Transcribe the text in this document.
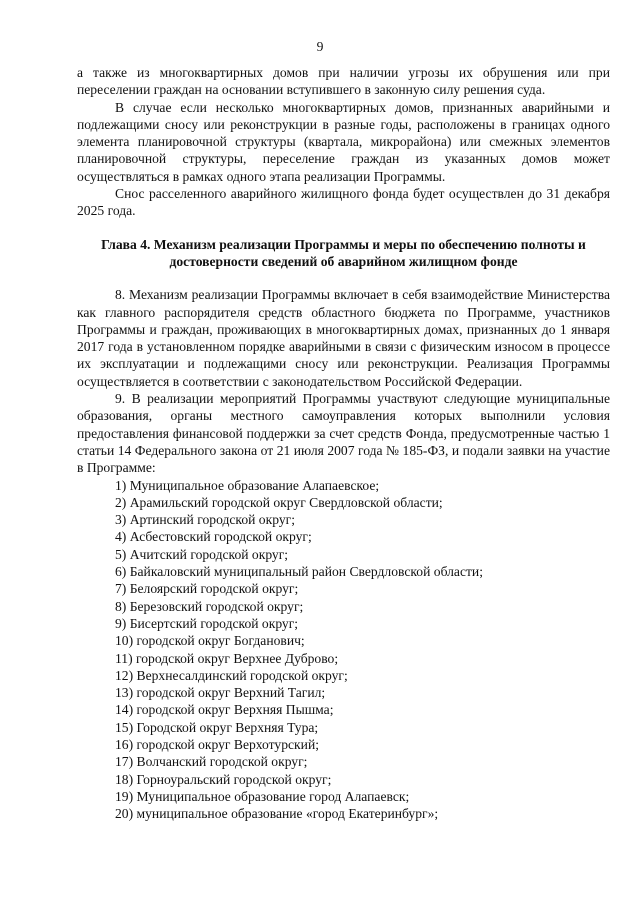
9

а также из многоквартирных домов при наличии угрозы их обрушения или при переселении граждан на основании вступившего в законную силу решения суда.

В случае если несколько многоквартирных домов, признанных аварийными и подлежащими сносу или реконструкции в разные годы, расположены в границах одного элемента планировочной структуры (квартала, микрорайона) или смежных элементов планировочной структуры, переселение граждан из указанных домов может осуществляться в рамках одного этапа реализации Программы.

Снос расселенного аварийного жилищного фонда будет осуществлен до 31 декабря 2025 года.

Глава 4. Механизм реализации Программы и меры по обеспечению полноты и достоверности сведений об аварийном жилищном фонде

8. Механизм реализации Программы включает в себя взаимодействие Министерства как главного распорядителя средств областного бюджета по Программе, участников Программы и граждан, проживающих в многоквартирных домах, признанных до 1 января 2017 года в установленном порядке аварийными в связи с физическим износом в процессе их эксплуатации и подлежащими сносу или реконструкции. Реализация Программы осуществляется в соответствии с законодательством Российской Федерации.

9. В реализации мероприятий Программы участвуют следующие муниципальные образования, органы местного самоуправления которых выполнили условия предоставления финансовой поддержки за счет средств Фонда, предусмотренные частью 1 статьи 14 Федерального закона от 21 июля 2007 года № 185-ФЗ, и подали заявки на участие в Программе:

1) Муниципальное образование Алапаевское;
2) Арамильский городской округ Свердловской области;
3) Артинский городской округ;
4) Асбестовский городской округ;
5) Ачитский городской округ;
6) Байкаловский муниципальный район Свердловской области;
7) Белоярский городской округ;
8) Березовский городской округ;
9) Бисертский городской округ;
10) городской округ Богданович;
11) городской округ Верхнее Дуброво;
12) Верхнесалдинский городской округ;
13) городской округ Верхний Тагил;
14) городской округ Верхняя Пышма;
15) Городской округ Верхняя Тура;
16) городской округ Верхотурский;
17) Волчанский городской округ;
18) Горноуральский городской округ;
19) Муниципальное образование город Алапаевск;
20) муниципальное образование «город Екатеринбург»;
